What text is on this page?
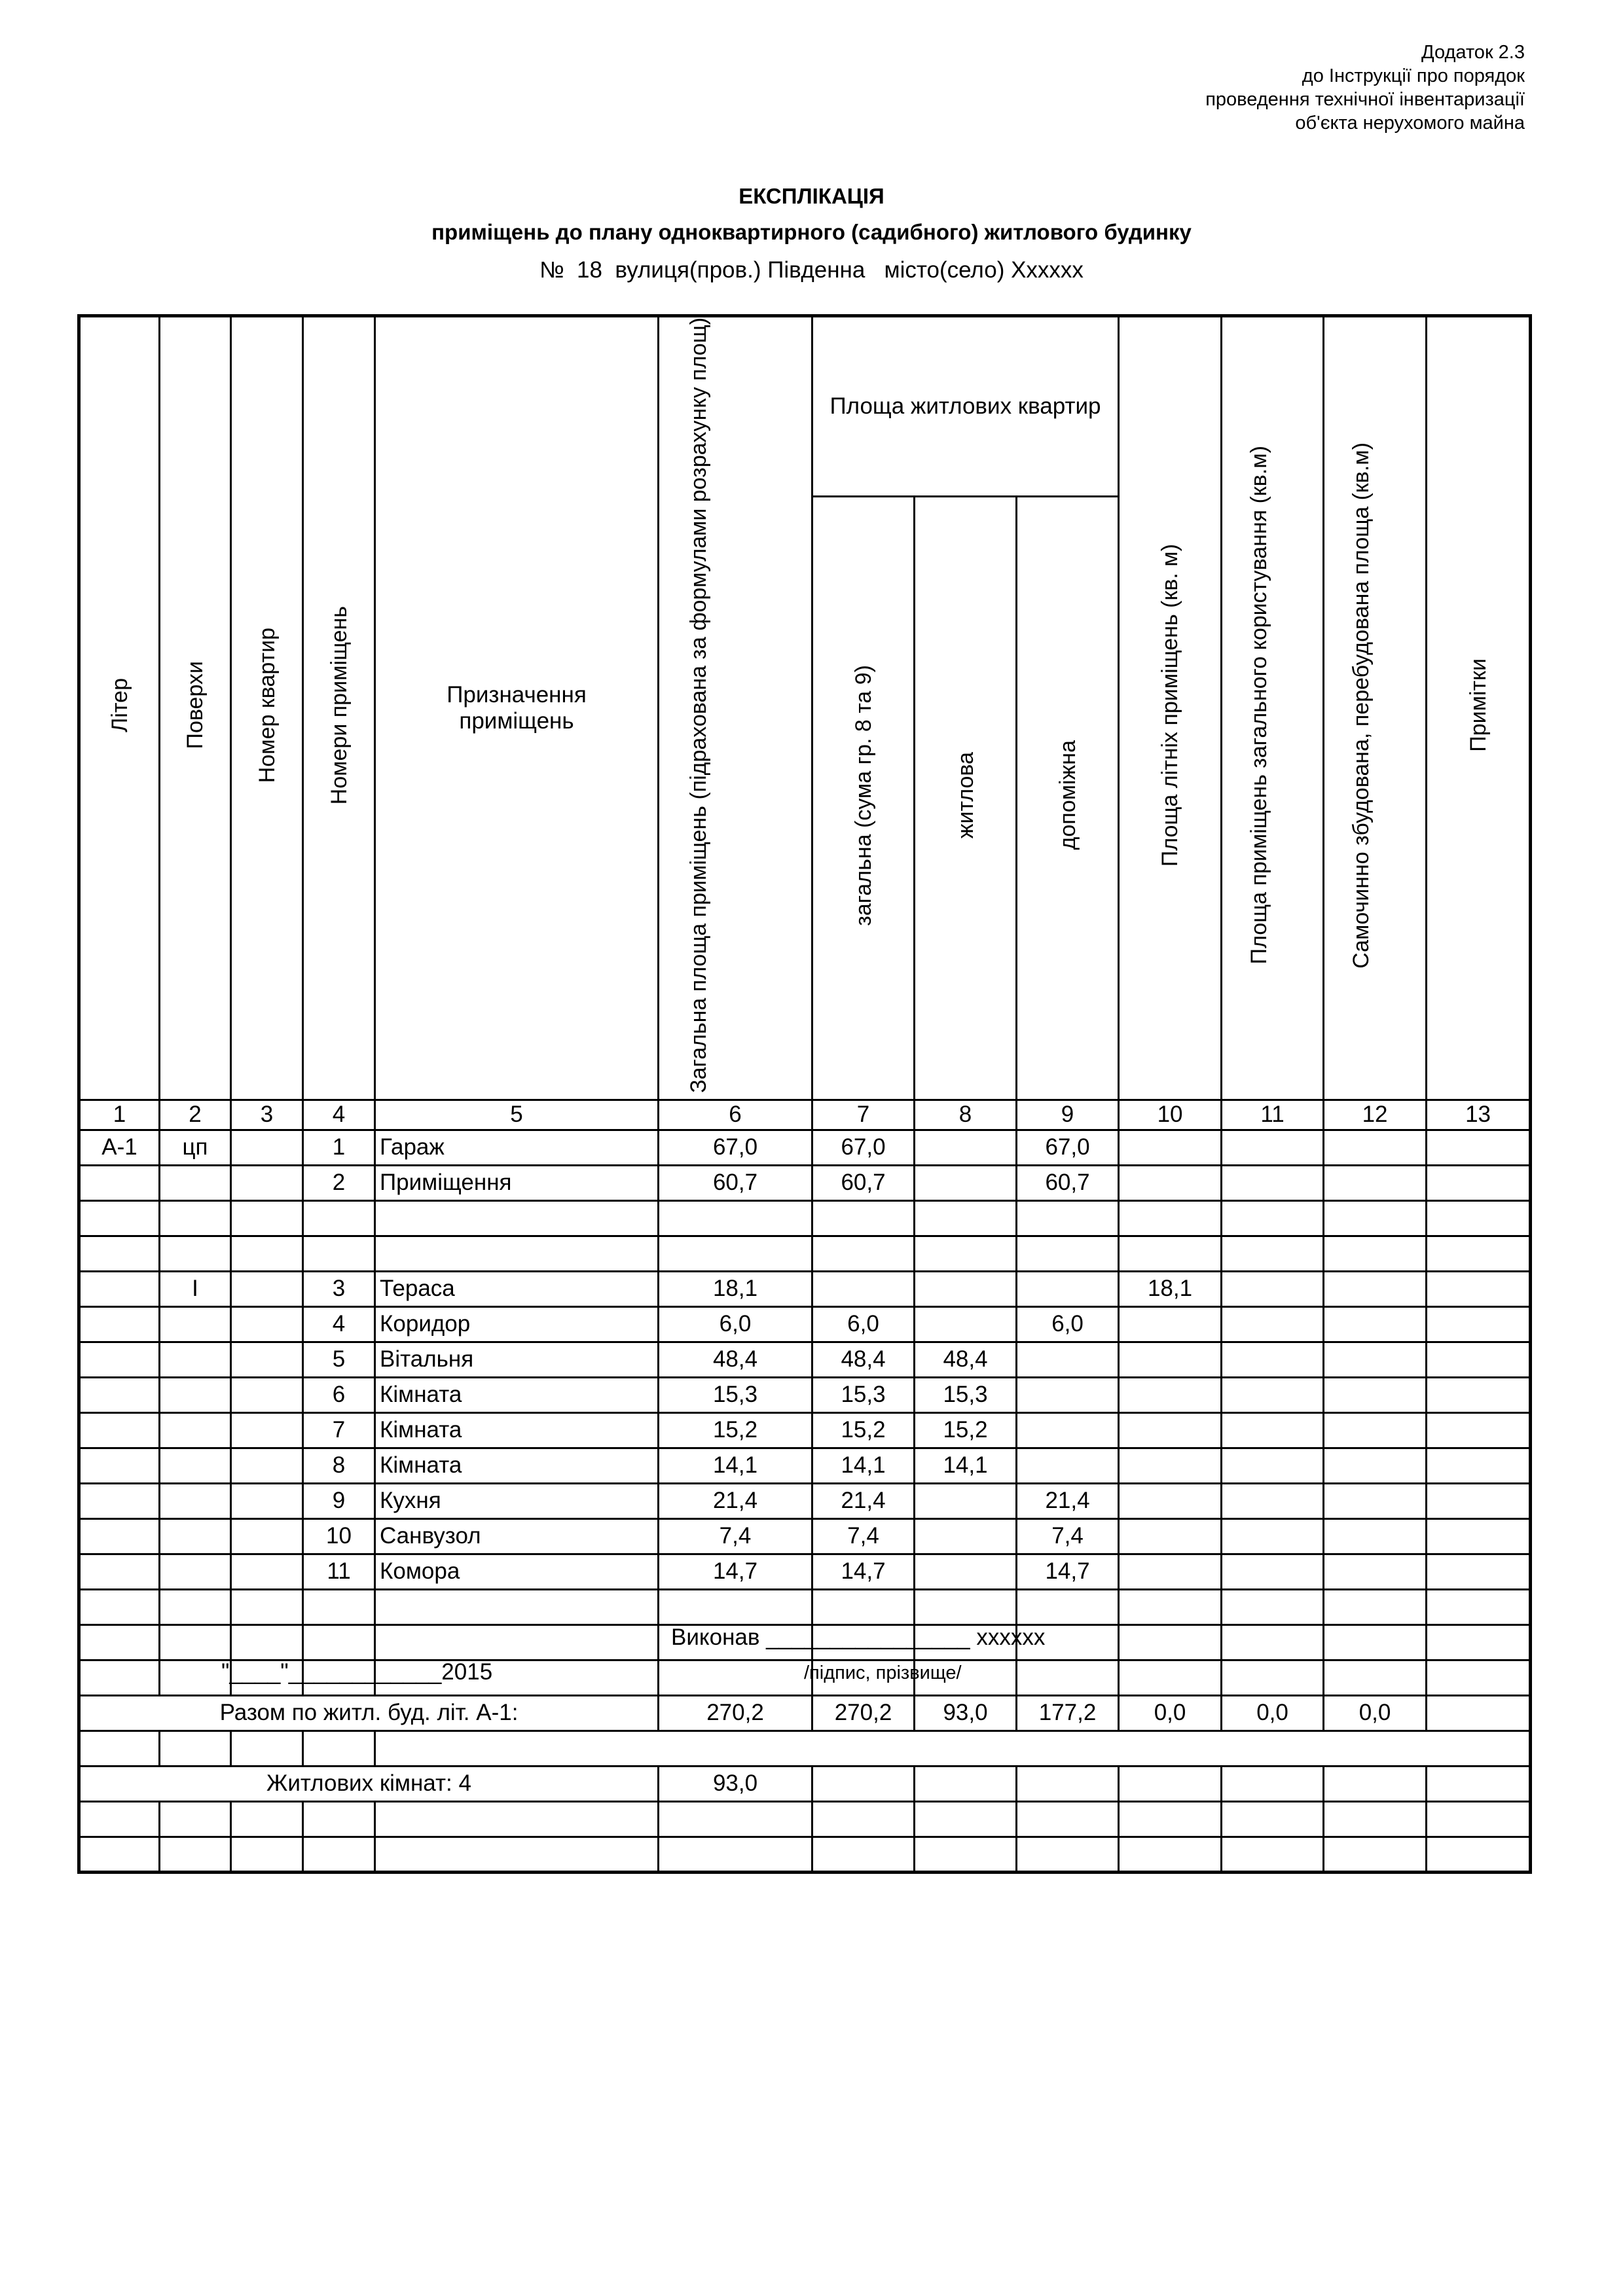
Додаток 2.3
до Інструкції про порядок
проведення технічної інвентаризації
об'єкта нерухомого майна
ЕКСПЛІКАЦІЯ
приміщень до плану одноквартирного (садибного) житлового будинку
№  18  вулиця(пров.) Південна   місто(село) Хххххх
Літер	Поверхи	Номер квартир	Номери приміщень	Призначення приміщень	Загальна площа приміщень (підрахована за формулами розрахунку площ)	Площа житлових квартир			Площа літніх приміщень (кв. м)	Площа приміщень загального користування (кв.м)	Самочинно збудована, перебудована площа (кв.м)	Примітки
						загальна (сума гр. 8 та 9)	житлова	допоміжна				
1	2	3	4	5	6	7	8	9	10	11	12	13
А-1	цп		1	Гараж	67,0	67,0		67,0				
			2	Приміщення	60,7	60,7		60,7				

	І		3	Тераса	18,1				18,1			
			4	Коридор	6,0	6,0		6,0				
			5	Вітальня	48,4	48,4	48,4					
			6	Кімната	15,3	15,3	15,3					
			7	Кімната	15,2	15,2	15,2					
			8	Кімната	14,1	14,1	14,1					
			9	Кухня	21,4	21,4		21,4				
			10	Санвузол	7,4	7,4		7,4				
			11	Комора	14,7	14,7		14,7				

Разом по житл. буд. літ. А-1:					270,2	270,2	93,0	177,2	0,0	0,0	0,0	

Житлових кімнат: 4					93,0							

Виконав ________________ хххххх
/підпис, прізвище/
"____"____________2015
